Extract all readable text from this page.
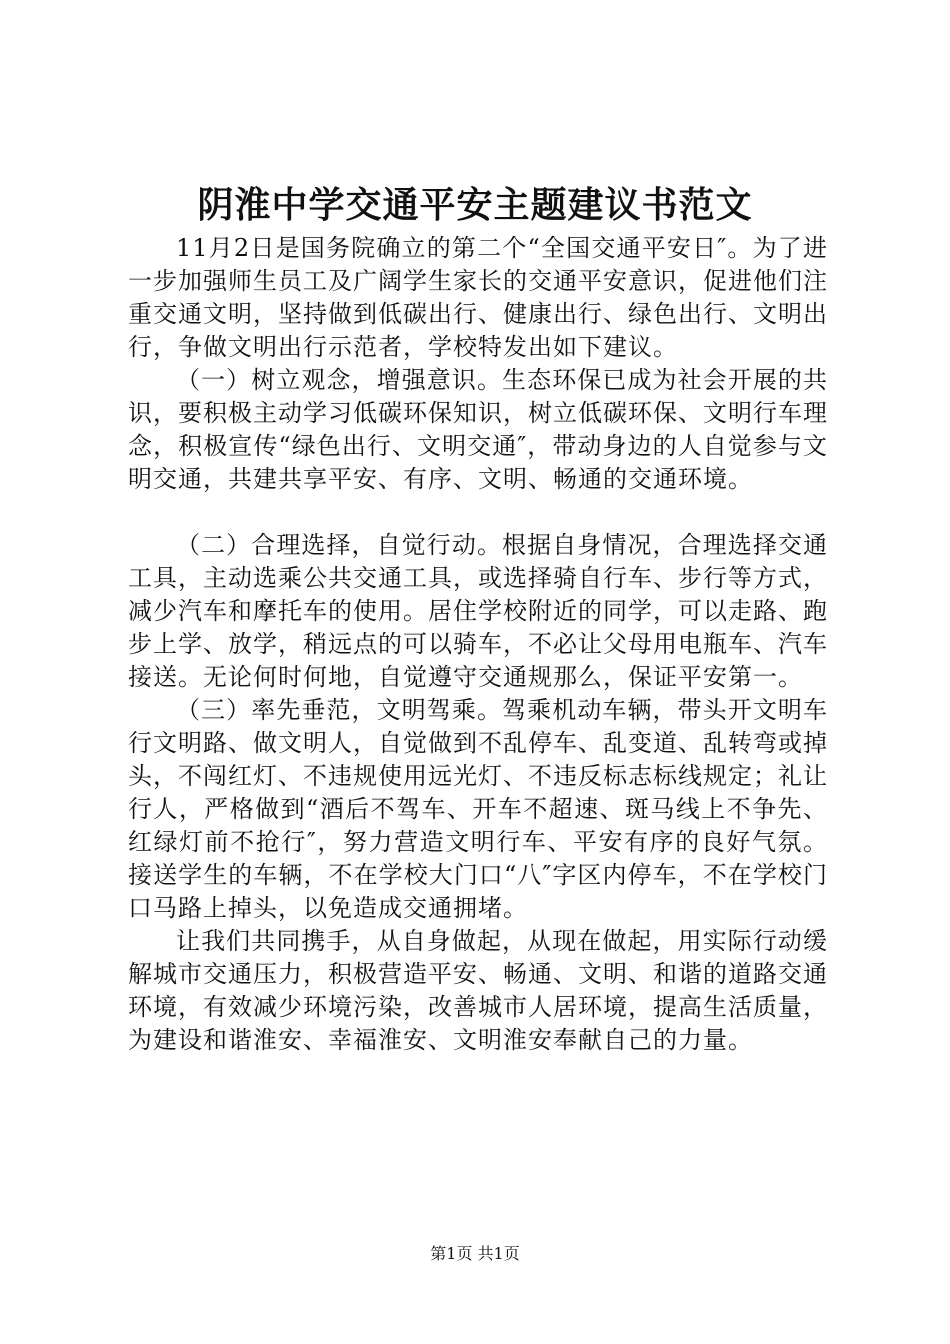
阴淮中学交通平安主题建议书范文

11月2日是国务院确立的第二个“全国交通平安日″。为了进一步加强师生员工及广阔学生家长的交通平安意识，促进他们注重交通文明，坚持做到低碳出行、健康出行、绿色出行、文明出行，争做文明出行示范者，学校特发出如下建议。

（一）树立观念，增强意识。生态环保已成为社会开展的共识，要积极主动学习低碳环保知识，树立低碳环保、文明行车理念，积极宣传“绿色出行、文明交通″，带动身边的人自觉参与文明交通，共建共享平安、有序、文明、畅通的交通环境。

（二）合理选择，自觉行动。根据自身情况，合理选择交通工具，主动选乘公共交通工具，或选择骑自行车、步行等方式，减少汽车和摩托车的使用。居住学校附近的同学，可以走路、跑步上学、放学，稍远点的可以骑车，不必让父母用电瓶车、汽车接送。无论何时何地，自觉遵守交通规那么，保证平安第一。

（三）率先垂范，文明驾乘。驾乘机动车辆，带头开文明车行文明路、做文明人，自觉做到不乱停车、乱变道、乱转弯或掉头，不闯红灯、不违规使用远光灯、不违反标志标线规定；礼让行人，严格做到“酒后不驾车、开车不超速、斑马线上不争先、红绿灯前不抢行″，努力营造文明行车、平安有序的良好气氛。接送学生的车辆，不在学校大门口“八″字区内停车，不在学校门口马路上掉头，以免造成交通拥堵。

让我们共同携手，从自身做起，从现在做起，用实际行动缓解城市交通压力，积极营造平安、畅通、文明、和谐的道路交通环境，有效减少环境污染，改善城市人居环境，提高生活质量，为建设和谐淮安、幸福淮安、文明淮安奉献自己的力量。

第1页 共1页
